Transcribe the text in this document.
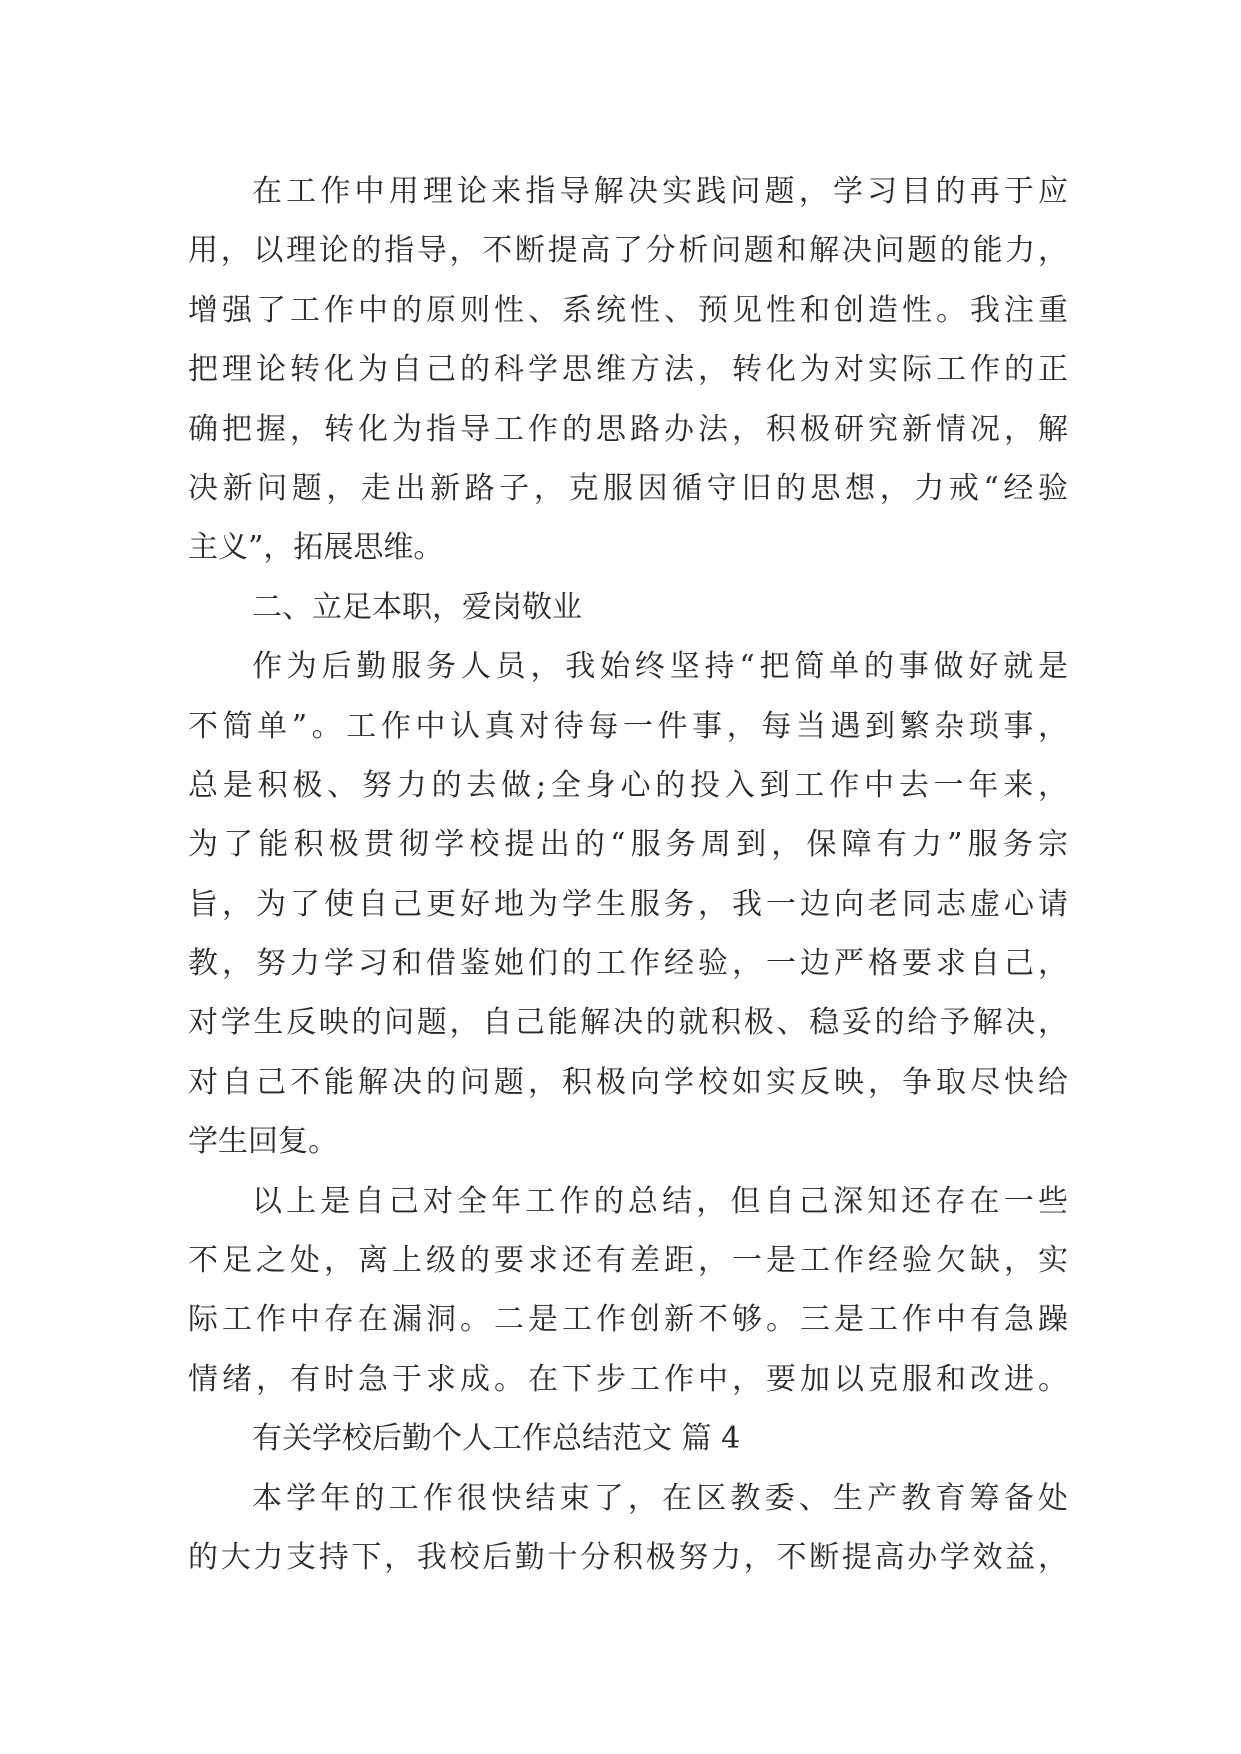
在工作中用理论来指导解决实践问题，学习目的再于应
用，以理论的指导，不断提高了分析问题和解决问题的能力，
增强了工作中的原则性、系统性、预见性和创造性。我注重
把理论转化为自己的科学思维方法，转化为对实际工作的正
确把握，转化为指导工作的思路办法，积极研究新情况，解
决新问题，走出新路子，克服因循守旧的思想，力戒“经验
主义”，拓展思维。
二、立足本职，爱岗敬业
作为后勤服务人员，我始终坚持“把简单的事做好就是
不简单”。工作中认真对待每一件事，每当遇到繁杂琐事，
总是积极、努力的去做;全身心的投入到工作中去一年来，
为了能积极贯彻学校提出的“服务周到，保障有力”服务宗
旨，为了使自己更好地为学生服务，我一边向老同志虚心请
教，努力学习和借鉴她们的工作经验，一边严格要求自己，
对学生反映的问题，自己能解决的就积极、稳妥的给予解决，
对自己不能解决的问题，积极向学校如实反映，争取尽快给
学生回复。
以上是自己对全年工作的总结，但自己深知还存在一些
不足之处，离上级的要求还有差距，一是工作经验欠缺，实
际工作中存在漏洞。二是工作创新不够。三是工作中有急躁
情绪，有时急于求成。在下步工作中，要加以克服和改进。
有关学校后勤个人工作总结范文 篇 4
本学年的工作很快结束了，在区教委、生产教育筹备处
的大力支持下，我校后勤十分积极努力，不断提高办学效益，
